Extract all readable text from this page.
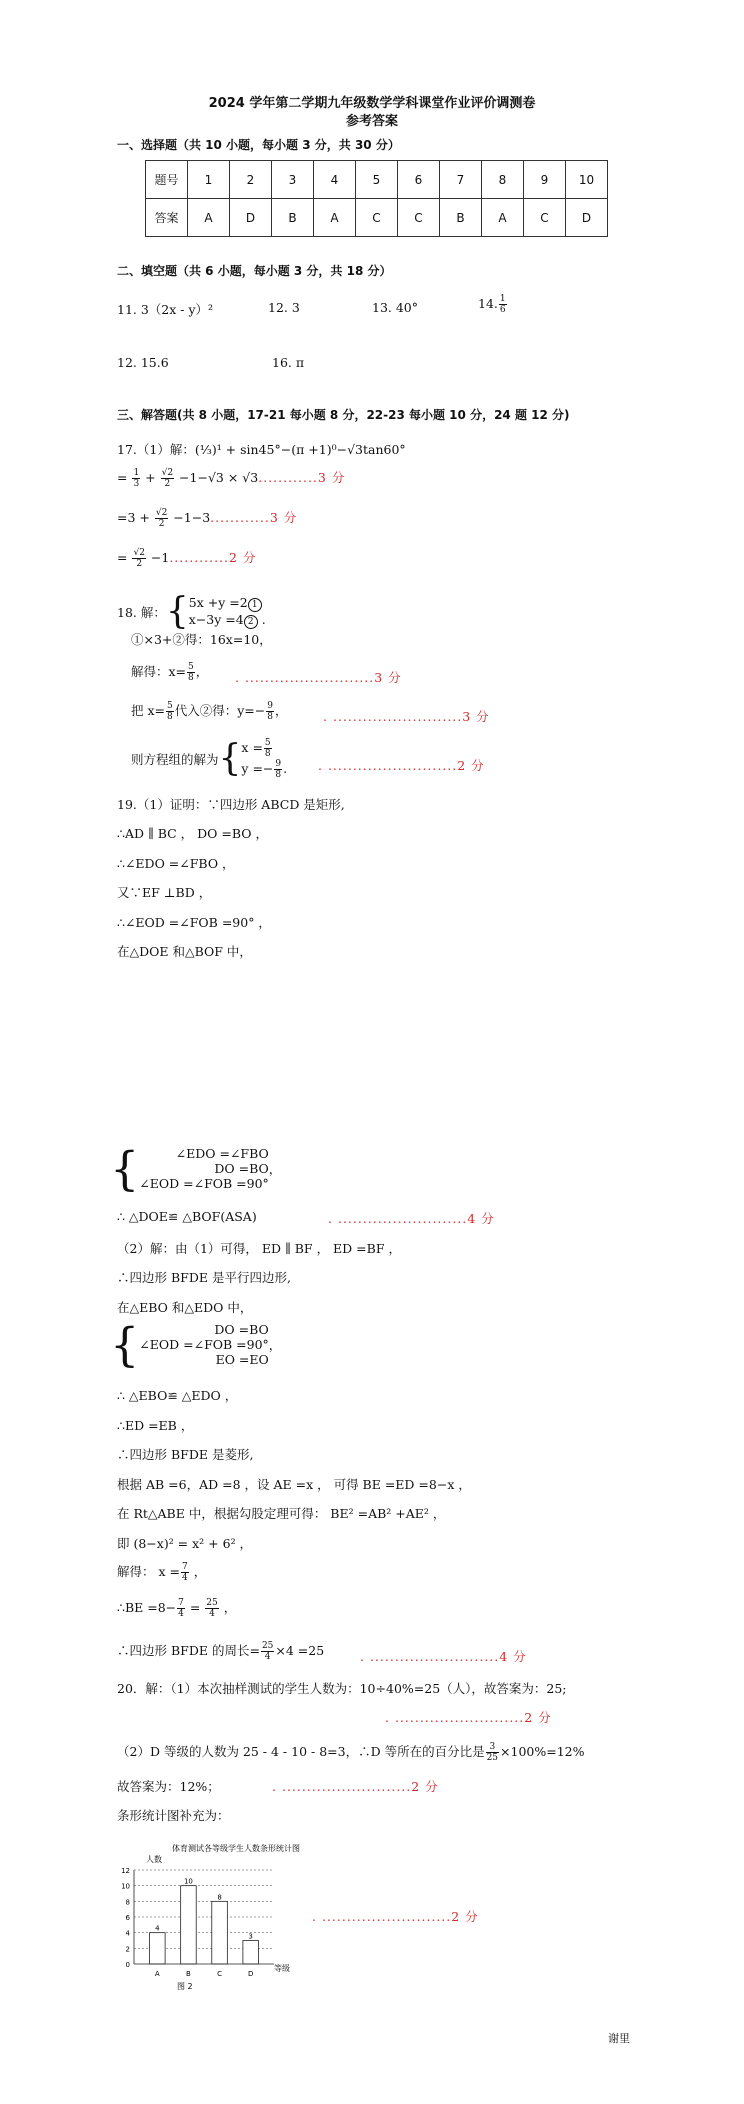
2024 学年第二学期九年级数学学科课堂作业评价调测卷
参考答案
一、选择题（共 10 小题，每小题 3 分，共 30 分）
题号	1	2	3	4	5	6	7	8	9	10
答案	A	D	B	A	C	C	B	A	C	D
二、填空题（共 6 小题，每小题 3 分，共 18 分）
11. 3（2x - y）²	12. 3	13. 40°	14. $\frac{1}{6}$
12. 15.6	16. π
三、解答题(共 8 小题，17-21 每小题 8 分，22-23 每小题 10 分，24 题 12 分)
17.（1）解：(⅓)¹ + sin45°−(π +1)⁰−√3tan60°
= $\frac{1}{3} + \frac{√2}{2} -1-√3 \times √3............3$ 分
$=3 + \frac{√2}{2} -1-3............3$ 分
= $\frac{√2}{2} -1............2$ 分
18. 解：{ 5x +y =2 1
x−3y =4 2 .
①×3+②得：16x=10，
解得：$x= \frac{5}{8}$ ， . ..........................3 分
把 $x= \frac{5}{8}$ 代入②得：$y=- \frac{9}{8}$ ，	. ..........................3 分
则方程组的解为{ $x = \frac{5}{8}$
$y =- \frac{9}{8}$ . . ..........................2 分
19.（1）证明：∵四边形 ABCD 是矩形,
∴AD ∥ BC ， DO =BO ，
∴∠EDO =∠FBO ，
又∵EF ⊥BD ，
∴∠EOD =∠FOB =90° ，
在△DOE 和△BOF 中，
{	∠EDO =∠FBO
DO =BO
∠EOD =∠FOB =90°
，
∴ △DOE≌ △BOF(ASA)	. ..........................4 分
（2）解：由（1）可得， ED ∥ BF ， ED =BF ，
∴四边形 BFDE 是平行四边形,
在△EBO 和△EDO 中，
{	DO =BO
∠EOD =∠FOB =90°
EO =EO
，
∴ △EBO≌ △EDO ，
∴ED =EB ，
∴四边形 BFDE 是菱形,
根据 AB =6，AD =8 ，设 AE =x ， 可得 BE =ED =8−x ，
在 Rt△ABE 中，根据勾股定理可得： BE² =AB² +AE² ，
即 (8−x)² = x² + 6² ，
解得： $x = \frac{7}{4}$ ，
∴BE $=8- \frac{7}{4} = \frac{25}{4}$ ，
∴四边形 BFDE 的周长= $\frac{25}{4} \times 4 =25$	. ..........................4 分
20．解：（1）本次抽样测试的学生人数为：10÷40%=25（人），故答案为：25;
. ..........................2 分
（2）D 等级的人数为 25 - 4 - 10 - 8=3，∴D 等所在的百分比是 $\frac{3}{25} \times 100\%=12\%$
故答案为：12%；	. ..........................2 分
条形统计图补充为：
体育测试各等级学生人数条形统计图
人数
等级
图 2
0
2
4
6
8
10
12
4
10
8
3
A	B	C	D
. ..........................2 分
谢里
